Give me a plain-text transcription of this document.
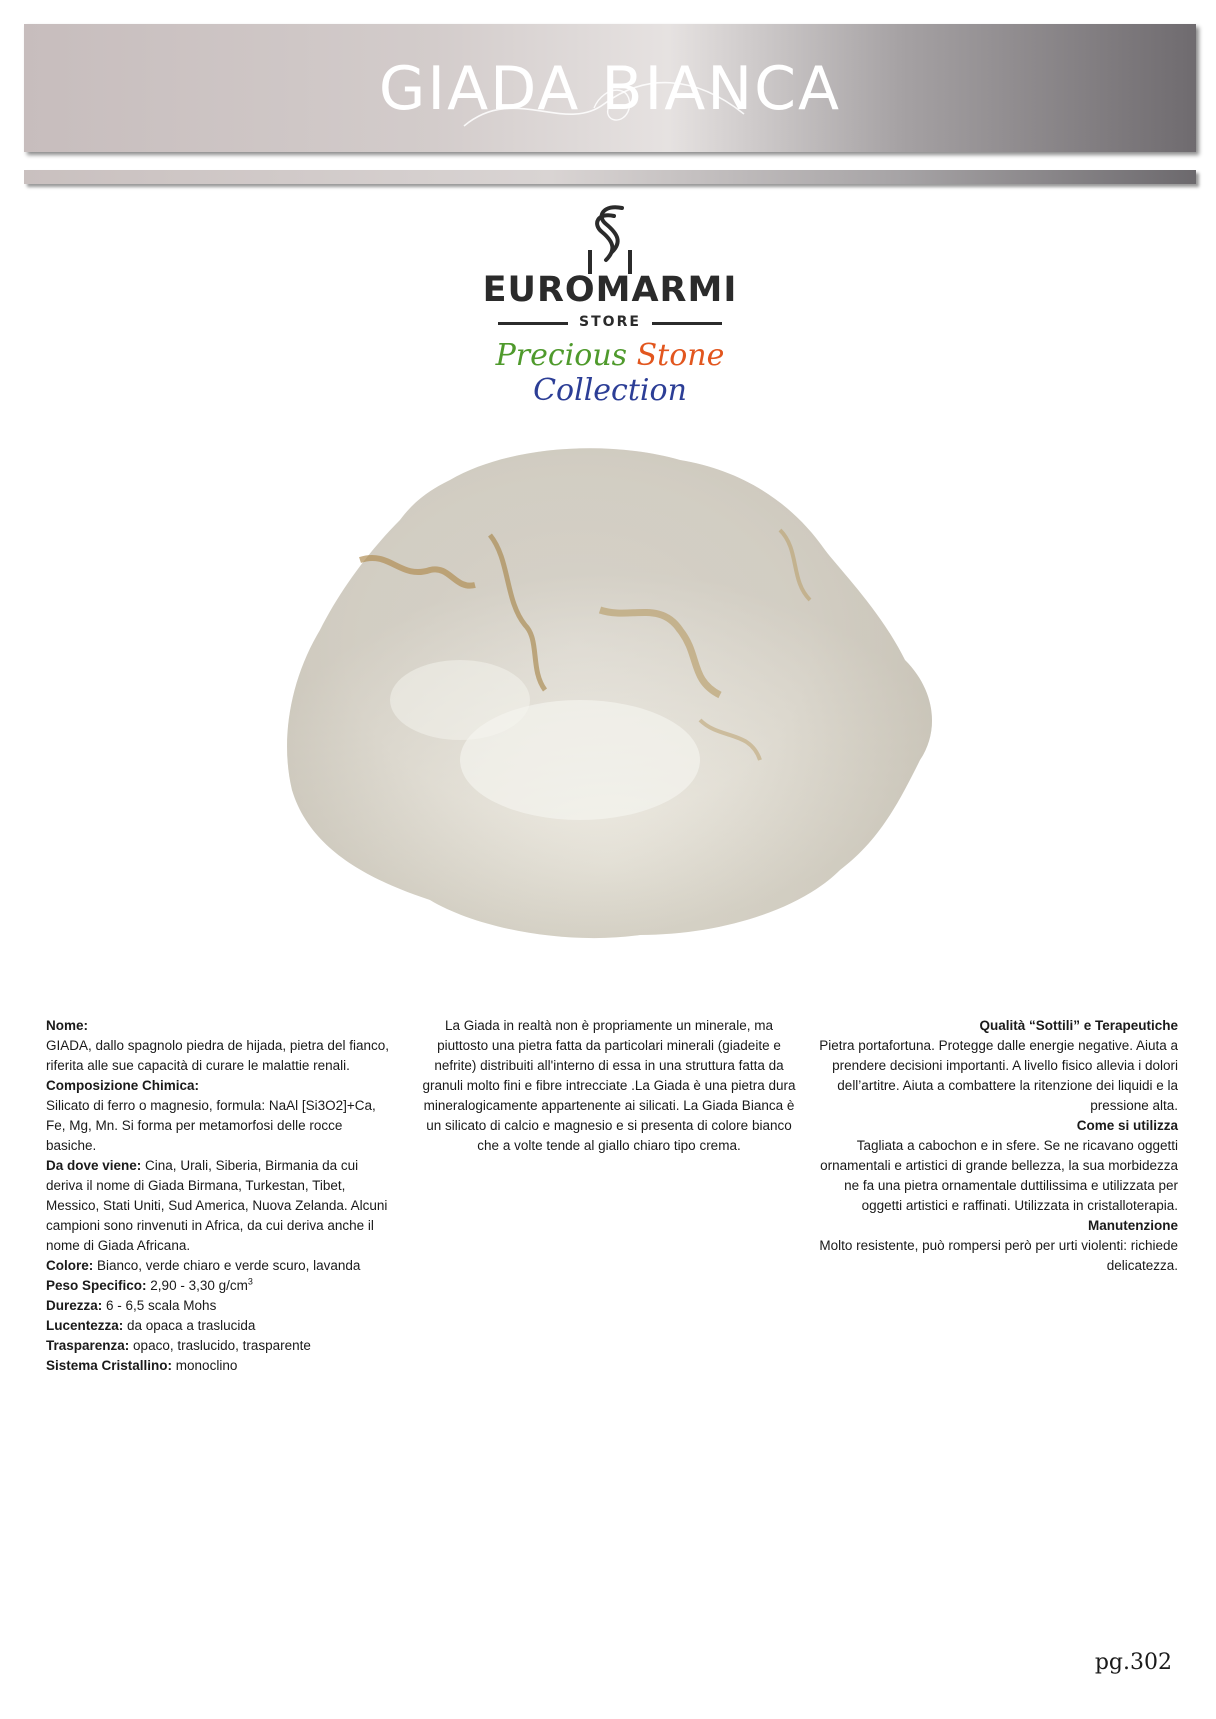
GIADA BIANCA
EUROMARMI
STORE
Precious Stone Collection

Nome:

GIADA, dallo spagnolo piedra de hijada, pietra del fianco, riferita alle sue capacità di curare le malattie renali.

Composizione Chimica:

Silicato di ferro o magnesio, formula: NaAl [Si3O2]+Ca, Fe, Mg, Mn. Si forma per metamorfosi delle rocce basiche.

Da dove viene: Cina, Urali, Siberia, Birmania da cui deriva il nome di Giada Birmana, Turkestan, Tibet, Messico, Stati Uniti, Sud America, Nuova Zelanda. Alcuni campioni sono rinvenuti in Africa, da cui deriva anche il nome di Giada Africana.

Colore: Bianco, verde chiaro e verde scuro, lavanda

Peso Specifico: 2,90 - 3,30 $g/cm^3$

Durezza: 6 - 6,5 scala Mohs

Lucentezza: da opaca a traslucida

Trasparenza: opaco, traslucido, trasparente

Sistema Cristallino: monoclino

La Giada in realtà non è propriamente un minerale, ma piuttosto una pietra fatta da particolari minerali (giadeite e nefrite) distribuiti all'interno di essa in una struttura fatta da granuli molto fini e fibre intrecciate .La Giada è una pietra dura mineralogicamente appartenente ai silicati. La Giada Bianca è un silicato di calcio e magnesio e si presenta di colore bianco che a volte tende al giallo chiaro tipo crema.

Qualità “Sottili” e Terapeutiche

Pietra portafortuna. Protegge dalle energie negative. Aiuta a prendere decisioni importanti. A livello fisico allevia i dolori dell’artitre. Aiuta a combattere la ritenzione dei liquidi e la pressione alta.

Come si utilizza

Tagliata a cabochon e in sfere. Se ne ricavano oggetti ornamentali e artistici di grande bellezza, la sua morbidezza ne fa una pietra ornamentale duttilissima e utilizzata per oggetti artistici e raffinati. Utilizzata in cristalloterapia.

Manutenzione

Molto resistente, può rompersi però per urti violenti: richiede delicatezza.

pg.302
